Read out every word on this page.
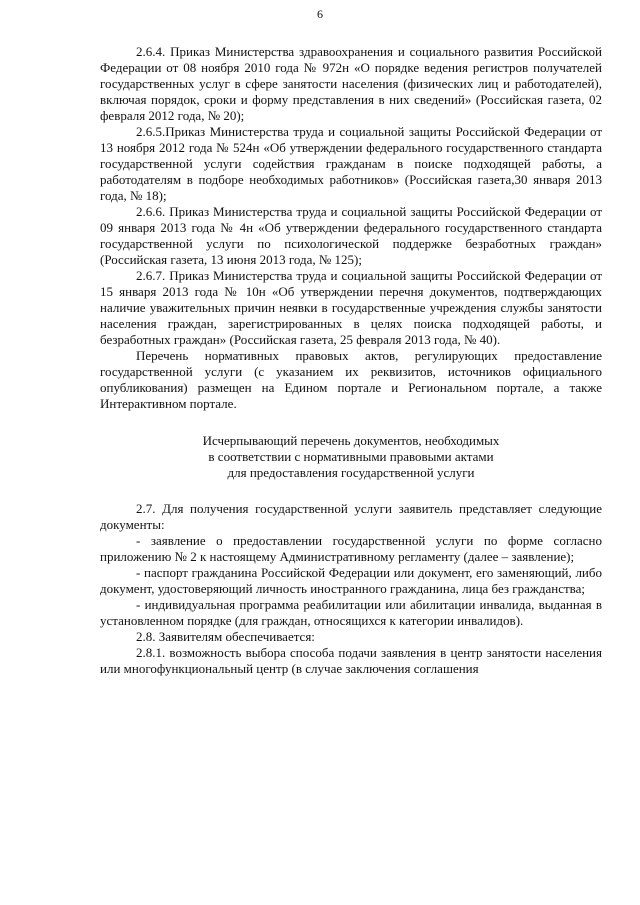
6

2.6.4. Приказ Министерства здравоохранения и социального развития Российской Федерации от 08 ноября 2010 года № 972н «О порядке ведения регистров получателей государственных услуг в сфере занятости населения (физических лиц и работодателей), включая порядок, сроки и форму представления в них сведений» (Российская газета, 02 февраля 2012 года, № 20);

2.6.5.Приказ Министерства труда и социальной защиты Российской Федерации от 13 ноября 2012 года № 524н «Об утверждении федерального государственного стандарта государственной услуги содействия гражданам в поиске подходящей работы, а работодателям в подборе необходимых работников» (Российская газета,30 января 2013 года, № 18);

2.6.6. Приказ Министерства труда и социальной защиты Российской Федерации от 09 января 2013 года № 4н «Об утверждении федерального государственного стандарта государственной услуги по психологической поддержке безработных граждан» (Российская газета, 13 июня 2013 года, № 125);

2.6.7. Приказ Министерства труда и социальной защиты Российской Федерации от 15 января 2013 года № 10н «Об утверждении перечня документов, подтверждающих наличие уважительных причин неявки в государственные учреждения службы занятости населения граждан, зарегистрированных в целях поиска подходящей работы, и безработных граждан» (Российская газета, 25 февраля 2013 года, № 40).

Перечень нормативных правовых актов, регулирующих предоставление государственной услуги (с указанием их реквизитов, источников официального опубликования) размещен на Едином портале и Региональном портале, а также Интерактивном портале.

Исчерпывающий перечень документов, необходимых
в соответствии с нормативными правовыми актами
для предоставления государственной услуги

2.7. Для получения государственной услуги заявитель представляет следующие документы:

- заявление о предоставлении государственной услуги по форме согласно приложению № 2 к настоящему Административному регламенту (далее – заявление);

- паспорт гражданина Российской Федерации или документ, его заменяющий, либо документ, удостоверяющий личность иностранного гражданина, лица без гражданства;

- индивидуальная программа реабилитации или абилитации инвалида, выданная в установленном порядке (для граждан, относящихся к категории инвалидов).

2.8. Заявителям обеспечивается:

2.8.1. возможность выбора способа подачи заявления в центр занятости населения или многофункциональный центр (в случае заключения соглашения
